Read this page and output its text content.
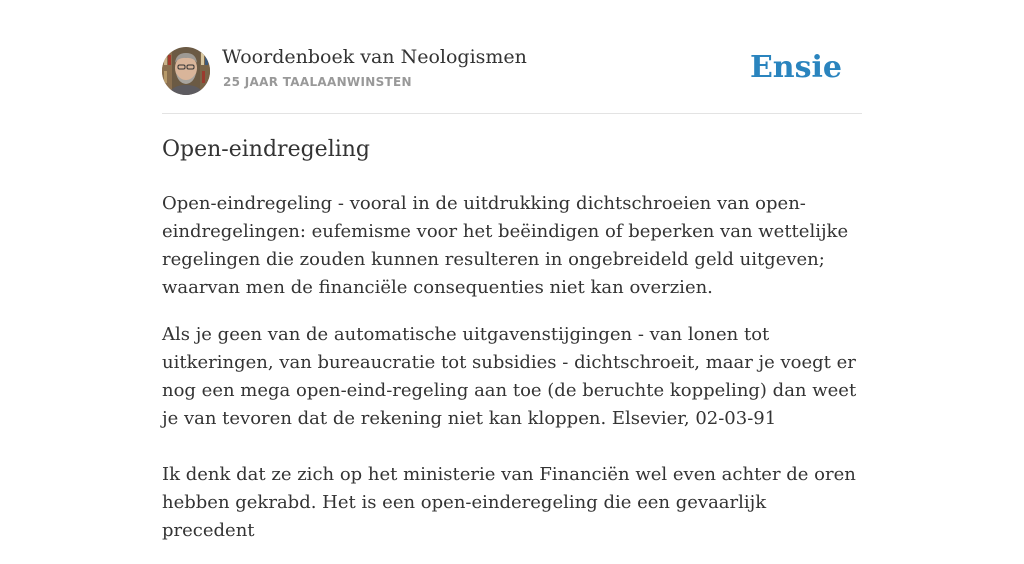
Woordenboek van Neologismen
25 JAAR TAALAANWINSTEN	Ensie
Open-eindregeling

Open-eindregeling - vooral in de uitdrukking dichtschroeien van open-eindregelingen: eufemisme voor het beëindigen of beperken van wettelijke regelingen die zouden kunnen resulteren in ongebreideld geld uitgeven; waarvan men de financiële consequenties niet kan overzien.

Als je geen van de automatische uitgavenstijgingen - van lonen tot uitkeringen, van bureaucratie tot subsidies - dichtschroeit, maar je voegt er nog een mega open-eind-regeling aan toe (de beruchte koppeling) dan weet je van tevoren dat de rekening niet kan kloppen. Elsevier, 02-03-91

Ik denk dat ze zich op het ministerie van Financiën wel even achter de oren hebben gekrabd. Het is een open-einderegeling die een gevaarlijk precedent
